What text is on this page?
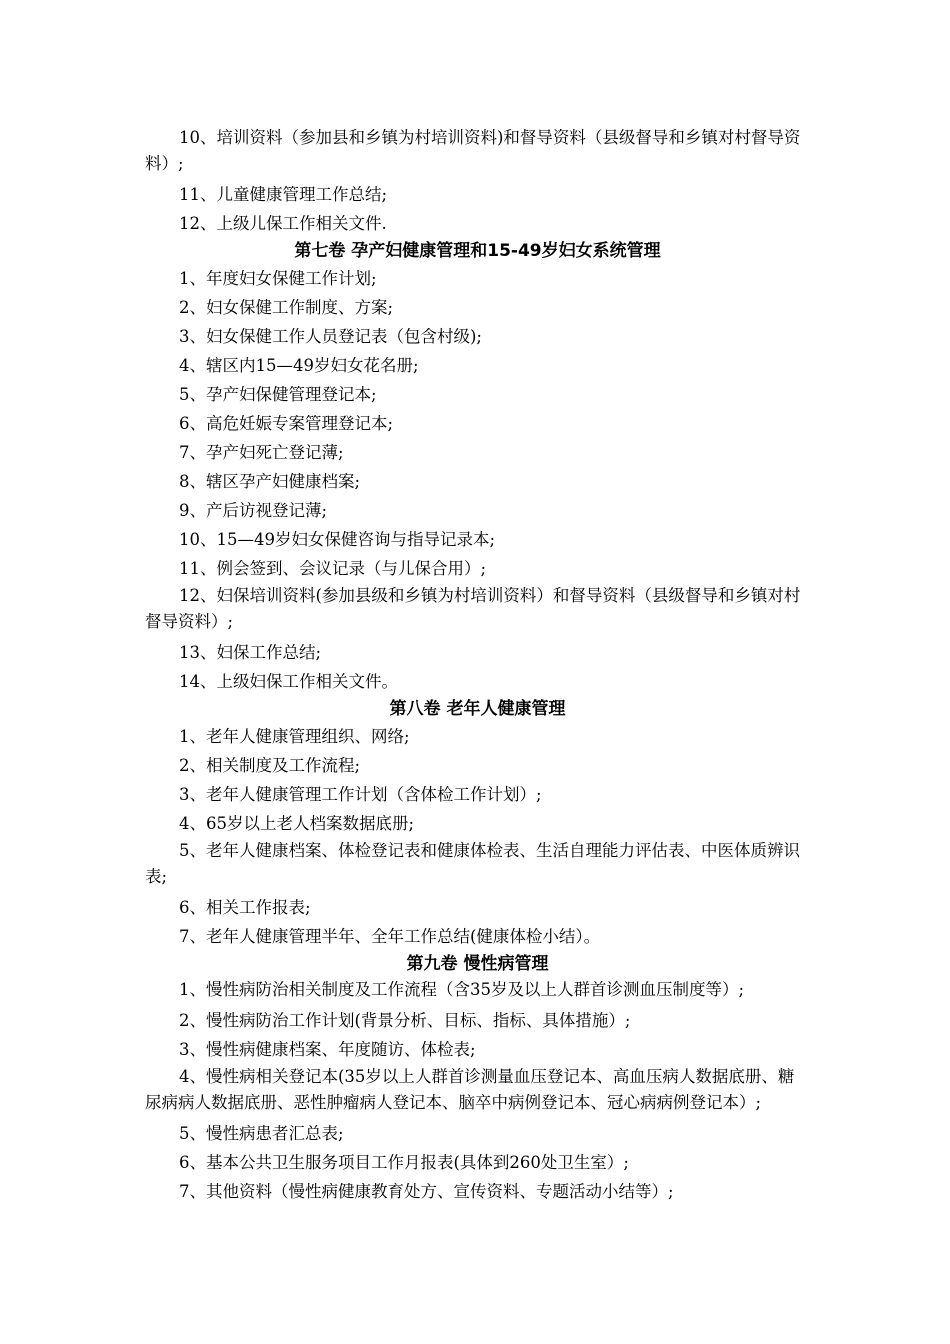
10、培训资料（参加县和乡镇为村培训资料)和督导资料（县级督导和乡镇对村督导资料）;

11、儿童健康管理工作总结;

12、上级儿保工作相关文件.

第七卷 孕产妇健康管理和15-49岁妇女系统管理

1、年度妇女保健工作计划;

2、妇女保健工作制度、方案;

3、妇女保健工作人员登记表（包含村级);

4、辖区内15—49岁妇女花名册;

5、孕产妇保健管理登记本;

6、高危妊娠专案管理登记本;

7、孕产妇死亡登记薄;

8、辖区孕产妇健康档案;

9、产后访视登记薄;

10、15—49岁妇女保健咨询与指导记录本;

11、例会签到、会议记录（与儿保合用）;

12、妇保培训资料(参加县级和乡镇为村培训资料）和督导资料（县级督导和乡镇对村督导资料）;

13、妇保工作总结;

14、上级妇保工作相关文件。

第八卷 老年人健康管理

1、老年人健康管理组织、网络;

2、相关制度及工作流程;

3、老年人健康管理工作计划（含体检工作计划）;

4、65岁以上老人档案数据底册;

5、老年人健康档案、体检登记表和健康体检表、生活自理能力评估表、中医体质辨识表;

6、相关工作报表;

7、老年人健康管理半年、全年工作总结(健康体检小结）。

第九卷 慢性病管理

1、慢性病防治相关制度及工作流程（含35岁及以上人群首诊测血压制度等）;

2、慢性病防治工作计划(背景分析、目标、指标、具体措施）;

3、慢性病健康档案、年度随访、体检表;

4、慢性病相关登记本(35岁以上人群首诊测量血压登记本、高血压病人数据底册、糖尿病病人数据底册、恶性肿瘤病人登记本、脑卒中病例登记本、冠心病病例登记本）;

5、慢性病患者汇总表;

6、基本公共卫生服务项目工作月报表(具体到260处卫生室）;

7、其他资料（慢性病健康教育处方、宣传资料、专题活动小结等）;
